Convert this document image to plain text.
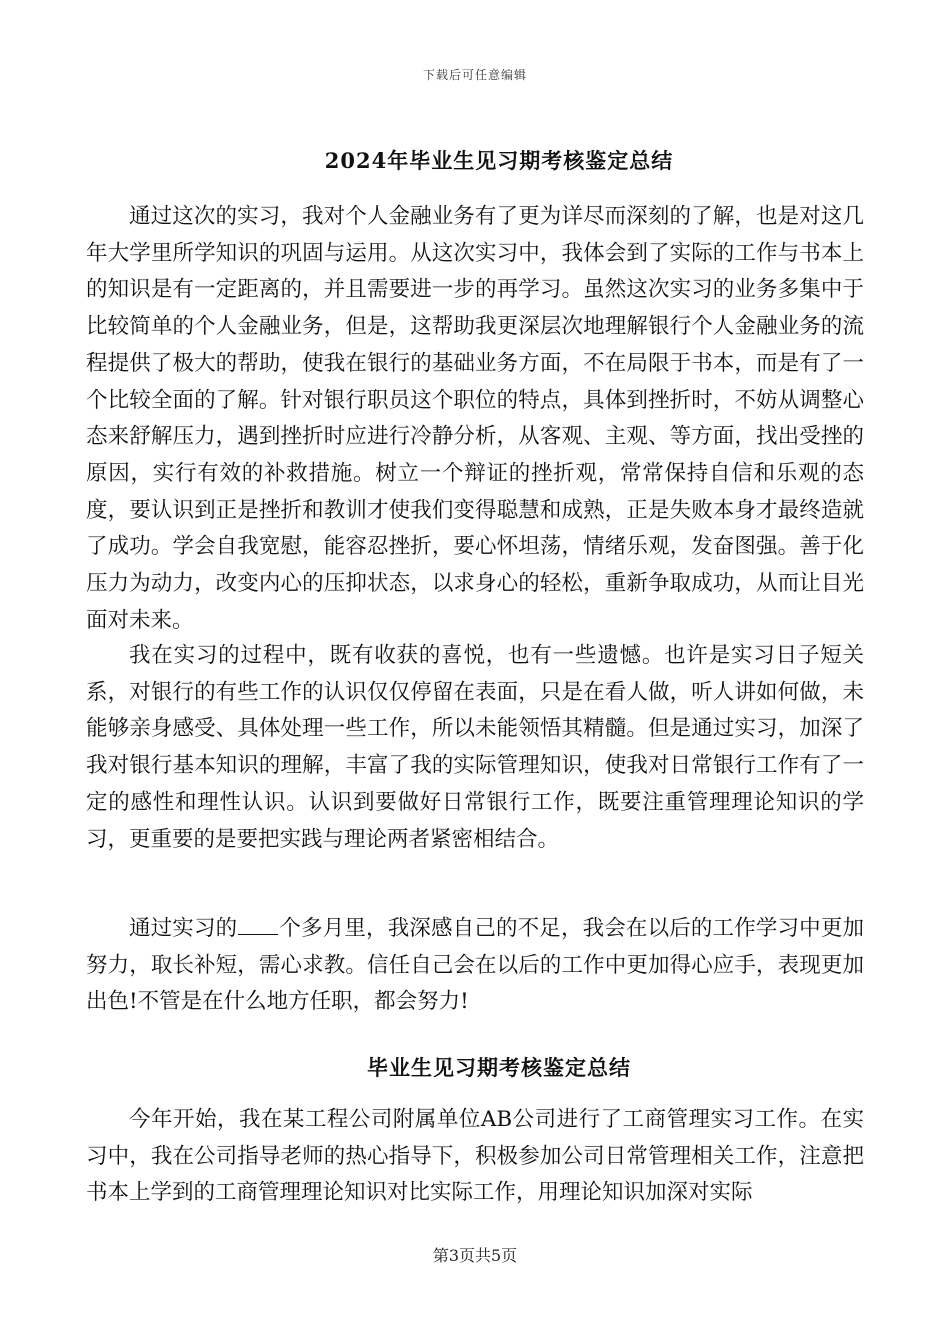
下载后可任意编辑
2024年毕业生见习期考核鉴定总结

通过这次的实习，我对个人金融业务有了更为详尽而深刻的了解，也是对这几年大学里所学知识的巩固与运用。从这次实习中，我体会到了实际的工作与书本上的知识是有一定距离的，并且需要进一步的再学习。虽然这次实习的业务多集中于比较简单的个人金融业务，但是，这帮助我更深层次地理解银行个人金融业务的流程提供了极大的帮助，使我在银行的基础业务方面，不在局限于书本，而是有了一个比较全面的了解。针对银行职员这个职位的特点，具体到挫折时，不妨从调整心态来舒解压力，遇到挫折时应进行冷静分析，从客观、主观、等方面，找出受挫的原因，实行有效的补救措施。树立一个辩证的挫折观，常常保持自信和乐观的态度，要认识到正是挫折和教训才使我们变得聪慧和成熟，正是失败本身才最终造就了成功。学会自我宽慰，能容忍挫折，要心怀坦荡，情绪乐观，发奋图强。善于化压力为动力，改变内心的压抑状态，以求身心的轻松，重新争取成功，从而让目光面对未来。

我在实习的过程中，既有收获的喜悦，也有一些遗憾。也许是实习日子短关系，对银行的有些工作的认识仅仅停留在表面，只是在看人做，听人讲如何做，未能够亲身感受、具体处理一些工作，所以未能领悟其精髓。但是通过实习，加深了我对银行基本知识的理解，丰富了我的实际管理知识，使我对日常银行工作有了一定的感性和理性认识。认识到要做好日常银行工作，既要注重管理理论知识的学习，更重要的是要把实践与理论两者紧密相结合。

通过实习的 个多月里，我深感自己的不足，我会在以后的工作学习中更加努力，取长补短，需心求教。信任自己会在以后的工作中更加得心应手，表现更加出色!不管是在什么地方任职，都会努力!

毕业生见习期考核鉴定总结

今年开始，我在某工程公司附属单位AB公司进行了工商管理实习工作。在实习中，我在公司指导老师的热心指导下，积极参加公司日常管理相关工作，注意把书本上学到的工商管理理论知识对比实际工作，用理论知识加深对实际

第3页共5页
